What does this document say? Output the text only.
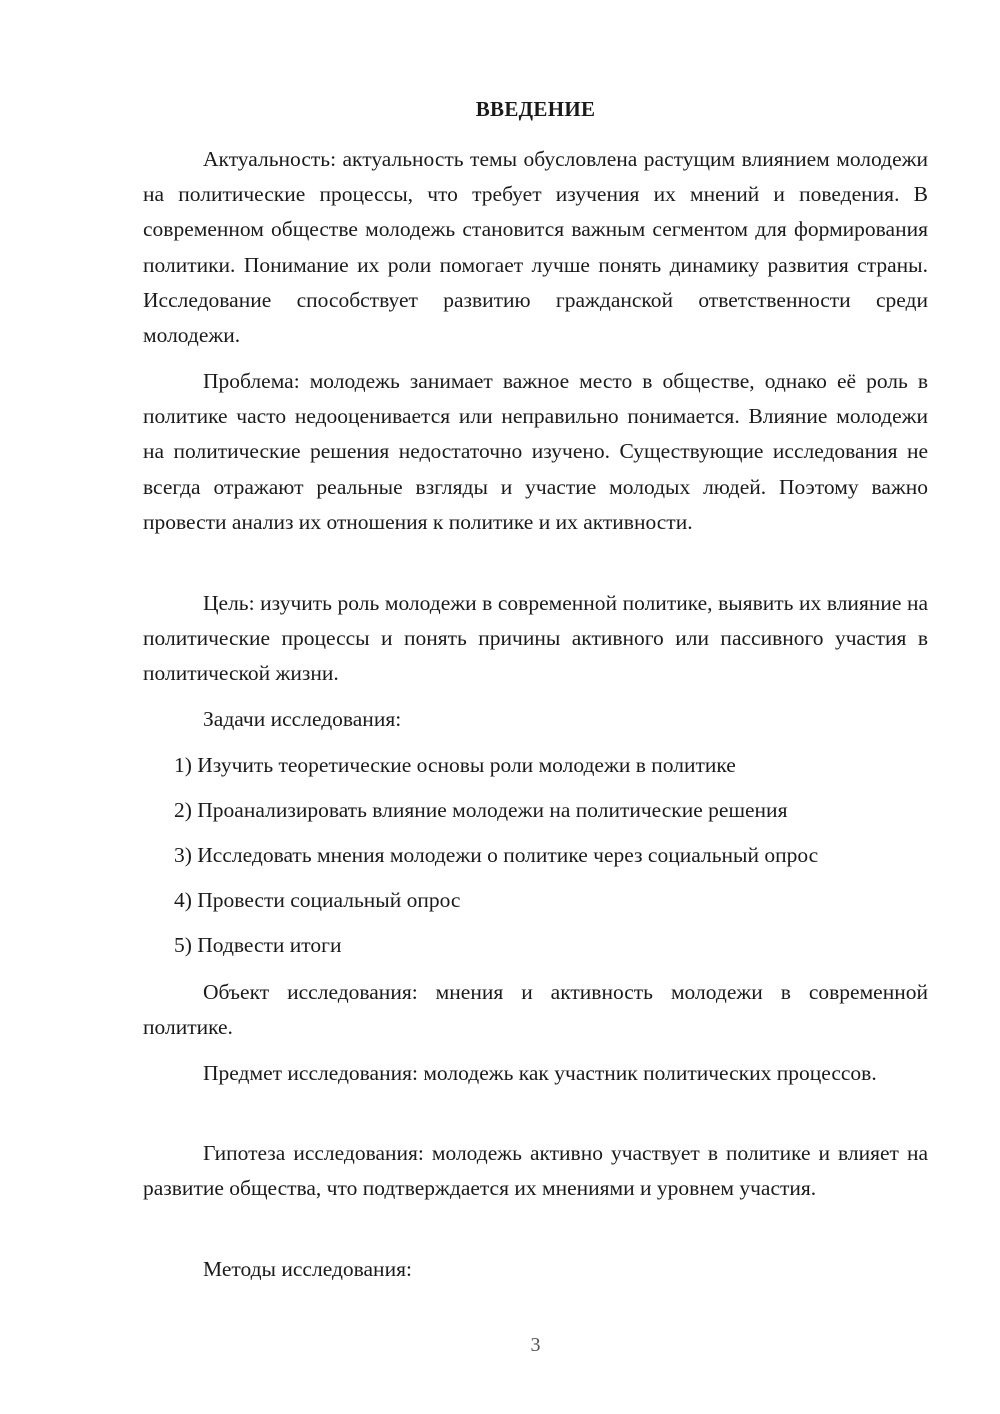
ВВЕДЕНИЕ

Актуальность: актуальность темы обусловлена растущим влиянием молодежи на политические процессы, что требует изучения их мнений и поведения. В современном обществе молодежь становится важным сегментом для формирования политики. Понимание их роли помогает лучше понять динамику развития страны. Исследование способствует развитию гражданской ответственности среди молодежи.

Проблема: молодежь занимает важное место в обществе, однако её роль в политике часто недооценивается или неправильно понимается. Влияние молодежи на политические решения недостаточно изучено. Существующие исследования не всегда отражают реальные взгляды и участие молодых людей. Поэтому важно провести анализ их отношения к политике и их активности.

Цель: изучить роль молодежи в современной политике, выявить их влияние на политические процессы и понять причины активного или пассивного участия в политической жизни.

Задачи исследования:

1) Изучить теоретические основы роли молодежи в политике
2) Проанализировать влияние молодежи на политические решения
3) Исследовать мнения молодежи о политике через социальный опрос
4) Провести социальный опрос
5) Подвести итоги

Объект исследования: мнения и активность молодежи в современной политике.

Предмет исследования: молодежь как участник политических процессов.

Гипотеза исследования: молодежь активно участвует в политике и влияет на развитие общества, что подтверждается их мнениями и уровнем участия.

Методы исследования:

3
